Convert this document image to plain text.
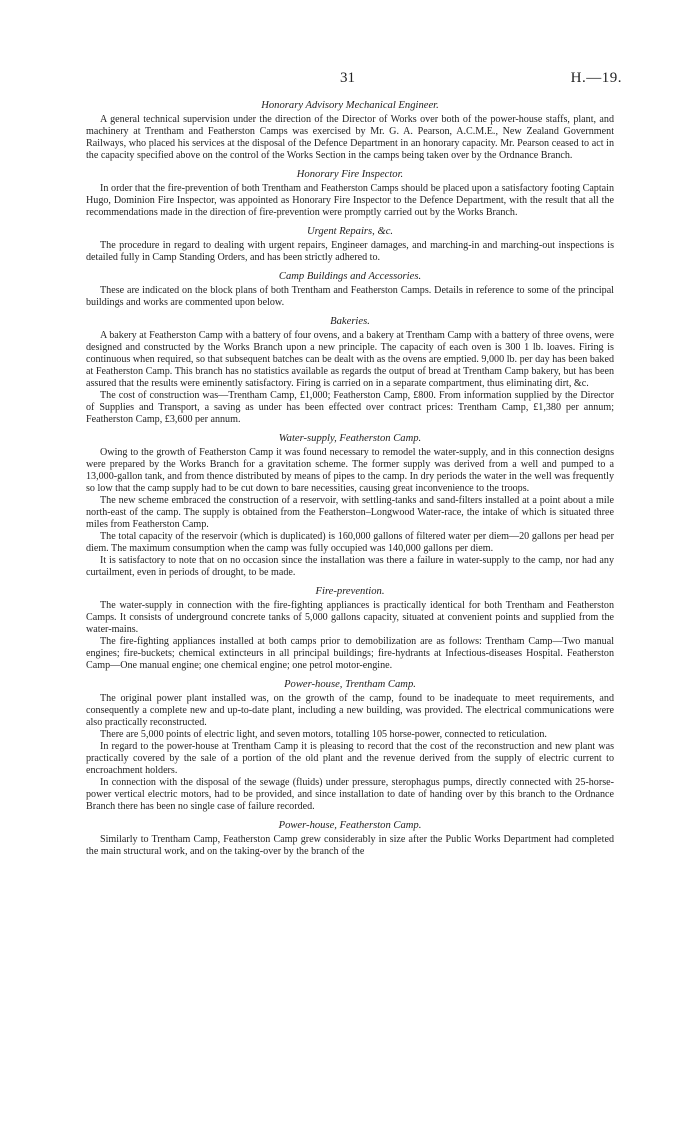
31	H.—19.
Honorary Advisory Mechanical Engineer.

A general technical supervision under the direction of the Director of Works over both of the power-house staffs, plant, and machinery at Trentham and Featherston Camps was exercised by Mr. G. A. Pearson, A.C.M.E., New Zealand Government Railways, who placed his services at the disposal of the Defence Department in an honorary capacity. Mr. Pearson ceased to act in the capacity specified above on the control of the Works Section in the camps being taken over by the Ordnance Branch.

Honorary Fire Inspector.

In order that the fire-prevention of both Trentham and Featherston Camps should be placed upon a satisfactory footing Captain Hugo, Dominion Fire Inspector, was appointed as Honorary Fire Inspector to the Defence Department, with the result that all the recommendations made in the direction of fire-prevention were promptly carried out by the Works Branch.

Urgent Repairs, &c.

The procedure in regard to dealing with urgent repairs, Engineer damages, and marching-in and marching-out inspections is detailed fully in Camp Standing Orders, and has been strictly adhered to.

Camp Buildings and Accessories.

These are indicated on the block plans of both Trentham and Featherston Camps. Details in reference to some of the principal buildings and works are commented upon below.

Bakeries.

A bakery at Featherston Camp with a battery of four ovens, and a bakery at Trentham Camp with a battery of three ovens, were designed and constructed by the Works Branch upon a new principle. The capacity of each oven is 300 1 lb. loaves. Firing is continuous when required, so that subsequent batches can be dealt with as the ovens are emptied. 9,000 lb. per day has been baked at Featherston Camp. This branch has no statistics available as regards the output of bread at Trentham Camp bakery, but has been assured that the results were eminently satisfactory. Firing is carried on in a separate compartment, thus eliminating dirt, &c.

The cost of construction was—Trentham Camp, £1,000; Featherston Camp, £800. From information supplied by the Director of Supplies and Transport, a saving as under has been effected over contract prices: Trentham Camp, £1,380 per annum; Featherston Camp, £3,600 per annum.

Water-supply, Featherston Camp.

Owing to the growth of Featherston Camp it was found necessary to remodel the water-supply, and in this connection designs were prepared by the Works Branch for a gravitation scheme. The former supply was derived from a well and pumped to a 13,000-gallon tank, and from thence distributed by means of pipes to the camp. In dry periods the water in the well was frequently so low that the camp supply had to be cut down to bare necessities, causing great inconvenience to the troops.

The new scheme embraced the construction of a reservoir, with settling-tanks and sand-filters installed at a point about a mile north-east of the camp. The supply is obtained from the Featherston–Longwood Water-race, the intake of which is situated three miles from Featherston Camp.

The total capacity of the reservoir (which is duplicated) is 160,000 gallons of filtered water per diem—20 gallons per head per diem. The maximum consumption when the camp was fully occupied was 140,000 gallons per diem.

It is satisfactory to note that on no occasion since the installation was there a failure in water-supply to the camp, nor had any curtailment, even in periods of drought, to be made.

Fire-prevention.

The water-supply in connection with the fire-fighting appliances is practically identical for both Trentham and Featherston Camps. It consists of underground concrete tanks of 5,000 gallons capacity, situated at convenient points and supplied from the water-mains.

The fire-fighting appliances installed at both camps prior to demobilization are as follows: Trentham Camp—Two manual engines; fire-buckets; chemical extincteurs in all principal buildings; fire-hydrants at Infectious-diseases Hospital. Featherston Camp—One manual engine; one chemical engine; one petrol motor-engine.

Power-house, Trentham Camp.

The original power plant installed was, on the growth of the camp, found to be inadequate to meet requirements, and consequently a complete new and up-to-date plant, including a new building, was provided. The electrical communications were also practically reconstructed.

There are 5,000 points of electric light, and seven motors, totalling 105 horse-power, connected to reticulation.

In regard to the power-house at Trentham Camp it is pleasing to record that the cost of the reconstruction and new plant was practically covered by the sale of a portion of the old plant and the revenue derived from the supply of electric current to encroachment holders.

In connection with the disposal of the sewage (fluids) under pressure, sterophagus pumps, directly connected with 25-horse-power vertical electric motors, had to be provided, and since installation to date of handing over by this branch to the Ordnance Branch there has been no single case of failure recorded.

Power-house, Featherston Camp.

Similarly to Trentham Camp, Featherston Camp grew considerably in size after the Public Works Department had completed the main structural work, and on the taking-over by the branch of the
